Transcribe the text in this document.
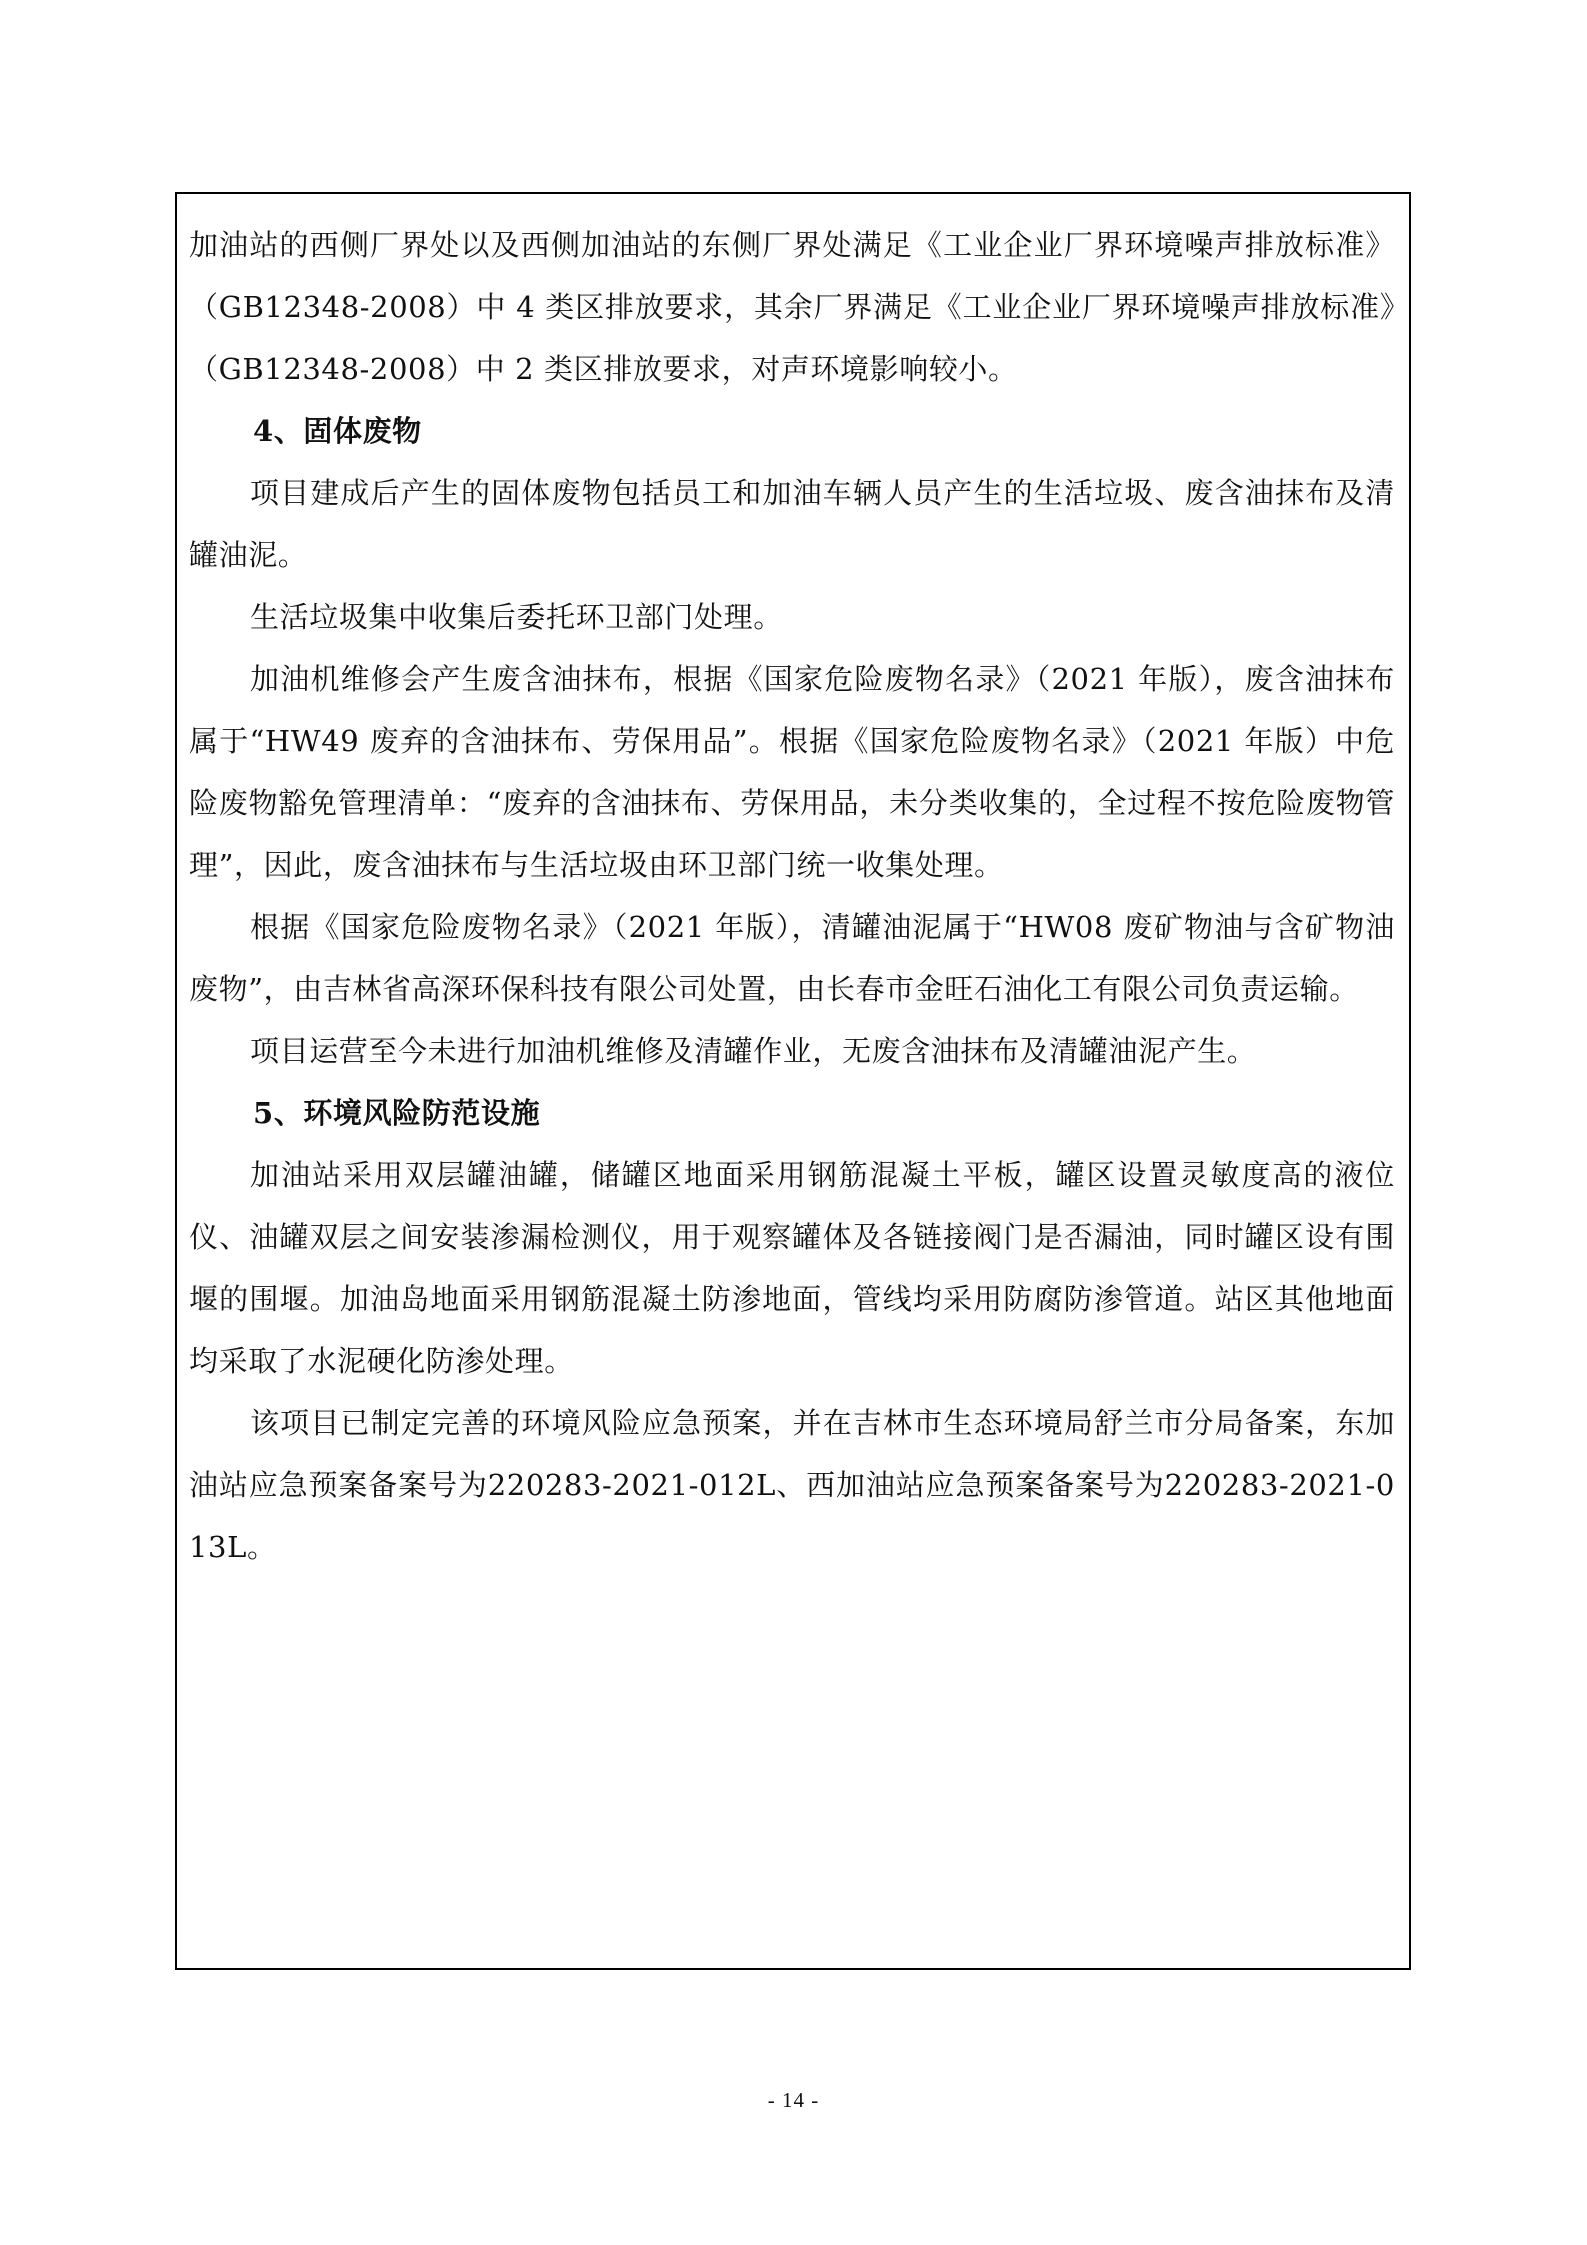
加油站的西侧厂界处以及西侧加油站的东侧厂界处满足《工业企业厂界环境噪声排放标准》（GB12348-2008）中 4 类区排放要求，其余厂界满足《工业企业厂界环境噪声排放标准》（GB12348-2008）中 2 类区排放要求，对声环境影响较小。

4、固体废物

项目建成后产生的固体废物包括员工和加油车辆人员产生的生活垃圾、废含油抹布及清罐油泥。

生活垃圾集中收集后委托环卫部门处理。

加油机维修会产生废含油抹布，根据《国家危险废物名录》（2021 年版），废含油抹布属于“HW49 废弃的含油抹布、劳保用品”。根据《国家危险废物名录》（2021 年版）中危险废物豁免管理清单：“废弃的含油抹布、劳保用品，未分类收集的，全过程不按危险废物管理”，因此，废含油抹布与生活垃圾由环卫部门统一收集处理。

根据《国家危险废物名录》（2021 年版），清罐油泥属于“HW08 废矿物油与含矿物油废物”，由吉林省高深环保科技有限公司处置，由长春市金旺石油化工有限公司负责运输。

项目运营至今未进行加油机维修及清罐作业，无废含油抹布及清罐油泥产生。

5、环境风险防范设施

加油站采用双层罐油罐，储罐区地面采用钢筋混凝土平板，罐区设置灵敏度高的液位仪、油罐双层之间安装渗漏检测仪，用于观察罐体及各链接阀门是否漏油，同时罐区设有围堰的围堰。加油岛地面采用钢筋混凝土防渗地面，管线均采用防腐防渗管道。站区其他地面均采取了水泥硬化防渗处理。

该项目已制定完善的环境风险应急预案，并在吉林市生态环境局舒兰市分局备案，东加油站应急预案备案号为220283-2021-012L、西加油站应急预案备案号为220283-2021-013L。

- 14 -
